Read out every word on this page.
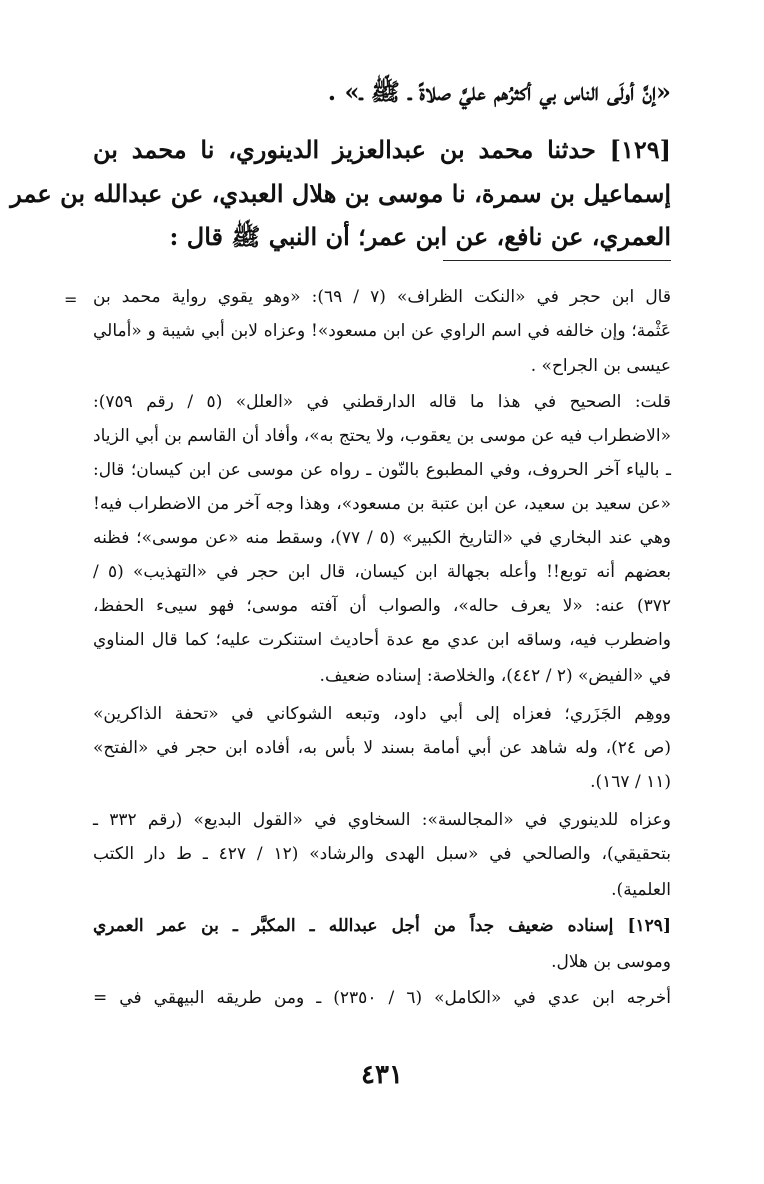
«إنَّ أولَى الناس بي أكثرُهم عليَّ صلاةً ـ ﷺ ـ» .
[١٢٩] حدثنا محمد بن عبدالعزيز الدينوري، نا محمد بن
إسماعيل بن سمرة، نا موسى بن هلال العبدي، عن عبدالله بن عمر
العمري، عن نافع، عن ابن عمر؛ أن النبي ﷺ قال :
= قال ابن حجر في «النكت الظراف» (٧ / ٦٩): «وهو يقوي رواية محمد بن
عَثْمة؛ وإن خالفه في اسم الراوي عن ابن مسعود»! وعزاه لابن أبي شيبة و «أمالي
عيسى بن الجراح» .
قلت: الصحيح في هذا ما قاله الدارقطني في «العلل» (٥ / رقم ٧٥٩):
«الاضطراب فيه عن موسى بن يعقوب، ولا يحتج به»، وأفاد أن القاسم بن أبي الزياد
ـ بالياء آخر الحروف، وفي المطبوع بالنّون ـ رواه عن موسى عن ابن كيسان؛ قال:
«عن سعيد بن سعيد، عن ابن عتبة بن مسعود»، وهذا وجه آخر من الاضطراب فيه!
وهي عند البخاري في «التاريخ الكبير» (٥ / ٧٧)، وسقط منه «عن موسى»؛ فظنه
بعضهم أنه توبع!! وأعله بجهالة ابن كيسان، قال ابن حجر في «التهذيب» (٥ /
٣٧٢) عنه: «لا يعرف حاله»، والصواب أن آفته موسى؛ فهو سيىء الحفظ،
واضطرب فيه، وساقه ابن عدي مع عدة أحاديث استنكرت عليه؛ كما قال المناوي
في «الفيض» (٢ / ٤٤٢)، والخلاصة: إسناده ضعيف.
ووهِم الجَزَري؛ فعزاه إلى أبي داود، وتبعه الشوكاني في «تحفة الذاكرين»
(ص ٢٤)، وله شاهد عن أبي أمامة بسند لا بأس به، أفاده ابن حجر في «الفتح»
(١١ / ١٦٧).
وعزاه للدينوري في «المجالسة»: السخاوي في «القول البديع» (رقم ٣٣٢ ـ
بتحقيقي)، والصالحي في «سبل الهدى والرشاد» (١٢ / ٤٢٧ ـ ط دار الكتب
العلمية).
[١٢٩] إسناده ضعيف جداً من أجل عبدالله ـ المكبَّر ـ بن عمر العمري
وموسى بن هلال.
أخرجه ابن عدي في «الكامل» (٦ / ٢٣٥٠) ـ ومن طريقه البيهقي في =
٤٣١
